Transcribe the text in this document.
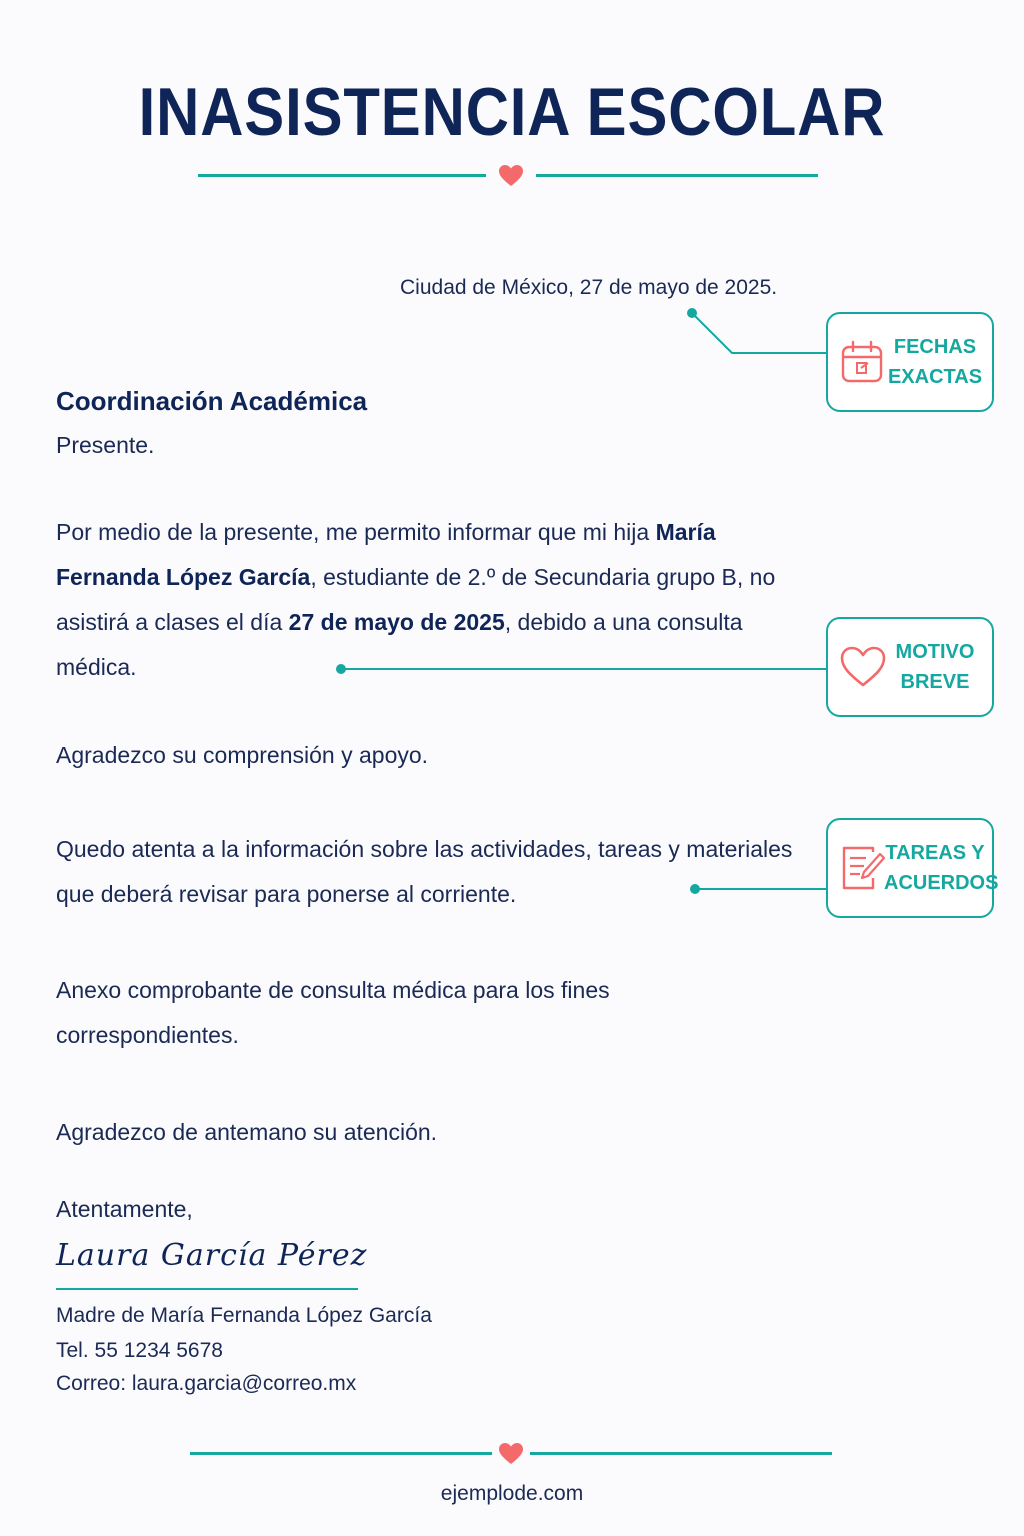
INASISTENCIA ESCOLAR
Ciudad de México, 27 de mayo de 2025.
Coordinación Académica
Presente.
Por medio de la presente, me permito informar que mi hija María Fernanda López García, estudiante de 2.º de Secundaria grupo B, no asistirá a clases el día 27 de mayo de 2025, debido a una consulta médica.
Agradezco su comprensión y apoyo.
Quedo atenta a la información sobre las actividades, tareas y materiales que deberá revisar para ponerse al corriente.
Anexo comprobante de consulta médica para los fines correspondientes.
Agradezco de antemano su atención.
Atentamente,
Laura García Pérez
Madre de María Fernanda López García
Tel. 55 1234 5678
Correo: laura.garcia@correo.mx
FECHAS
EXACTAS
MOTIVO
BREVE
TAREAS Y
ACUERDOS
ejemplode.com
